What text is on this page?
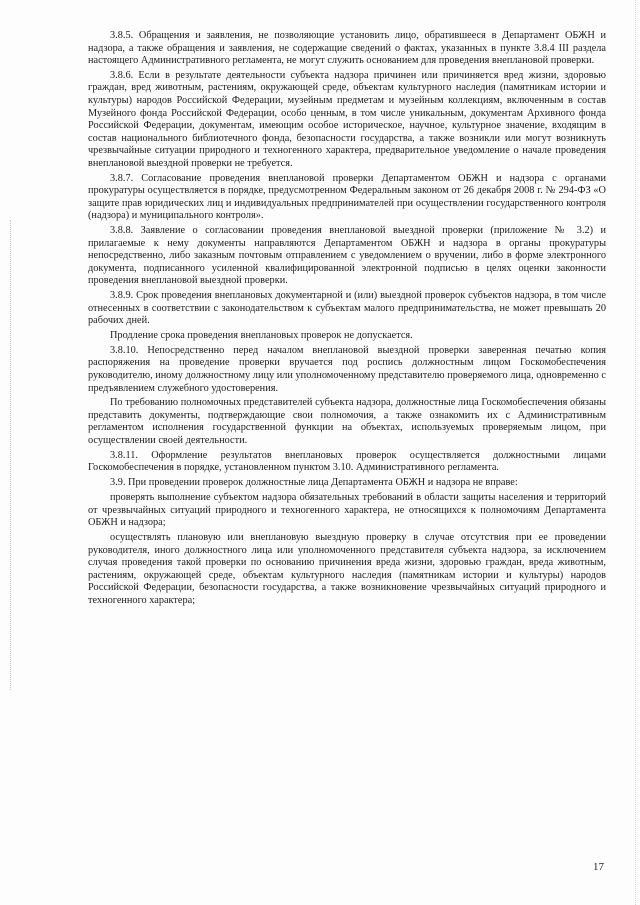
3.8.5. Обращения и заявления, не позволяющие установить лицо, обратившееся в Департамент ОБЖН и надзора, а также обращения и заявления, не содержащие сведений о фактах, указанных в пункте 3.8.4 III раздела настоящего Административного регламента, не могут служить основанием для проведения внеплановой проверки.

3.8.6. Если в результате деятельности субъекта надзора причинен или причиняется вред жизни, здоровью граждан, вред животным, растениям, окружающей среде, объектам культурного наследия (памятникам истории и культуры) народов Российской Федерации, музейным предметам и музейным коллекциям, включенным в состав Музейного фонда Российской Федерации, особо ценным, в том числе уникальным, документам Архивного фонда Российской Федерации, документам, имеющим особое историческое, научное, культурное значение, входящим в состав национального библиотечного фонда, безопасности государства, а также возникли или могут возникнуть чрезвычайные ситуации природного и техногенного характера, предварительное уведомление о начале проведения внеплановой выездной проверки не требуется.

3.8.7. Согласование проведения внеплановой проверки Департаментом ОБЖН и надзора с органами прокуратуры осуществляется в порядке, предусмотренном Федеральным законом от 26 декабря 2008 г. № 294-ФЗ «О защите прав юридических лиц и индивидуальных предпринимателей при осуществлении государственного контроля (надзора) и муниципального контроля».

3.8.8. Заявление о согласовании проведения внеплановой выездной проверки (приложение № 3.2) и прилагаемые к нему документы направляются Департаментом ОБЖН и надзора в органы прокуратуры непосредственно, либо заказным почтовым отправлением с уведомлением о вручении, либо в форме электронного документа, подписанного усиленной квалифицированной электронной подписью в целях оценки законности проведения внеплановой выездной проверки.

3.8.9. Срок проведения внеплановых документарной и (или) выездной проверок субъектов надзора, в том числе отнесенных в соответствии с законодательством к субъектам малого предпринимательства, не может превышать 20 рабочих дней.

Продление срока проведения внеплановых проверок не допускается.

3.8.10. Непосредственно перед началом внеплановой выездной проверки заверенная печатью копия распоряжения на проведение проверки вручается под роспись должностным лицом Госкомобеспечения руководителю, иному должностному лицу или уполномоченному представителю проверяемого лица, одновременно с предъявлением служебного удостоверения.

По требованию полномочных представителей субъекта надзора, должностные лица Госкомобеспечения обязаны представить документы, подтверждающие свои полномочия, а также ознакомить их с Административным регламентом исполнения государственной функции на объектах, используемых проверяемым лицом, при осуществлении своей деятельности.

3.8.11. Оформление результатов внеплановых проверок осуществляется должностными лицами Госкомобеспечения в порядке, установленном пунктом 3.10. Административного регламента.

3.9. При проведении проверок должностные лица Департамента ОБЖН и надзора не вправе:

проверять выполнение субъектом надзора обязательных требований в области защиты населения и территорий от чрезвычайных ситуаций природного и техногенного характера, не относящихся к полномочиям Департамента ОБЖН и надзора;

осуществлять плановую или внеплановую выездную проверку в случае отсутствия при ее проведении руководителя, иного должностного лица или уполномоченного представителя субъекта надзора, за исключением случая проведения такой проверки по основанию причинения вреда жизни, здоровью граждан, вреда животным, растениям, окружающей среде, объектам культурного наследия (памятникам истории и культуры) народов Российской Федерации, безопасности государства, а также возникновение чрезвычайных ситуаций природного и техногенного характера;

17
